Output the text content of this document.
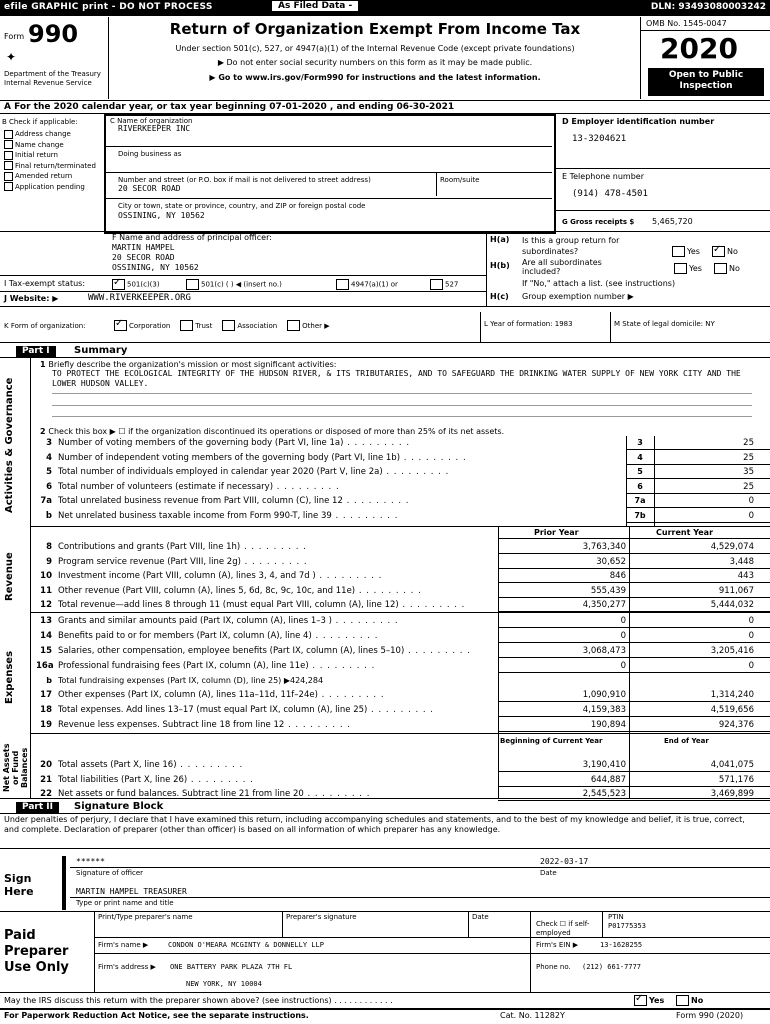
efile GRAPHIC print - DO NOT PROCESS	As Filed Data -	DLN: 93493080003242
Form 990
✦
Department of the Treasury Internal Revenue Service
Return of Organization Exempt From Income Tax
Under section 501(c), 527, or 4947(a)(1) of the Internal Revenue Code (except private foundations)
▶ Do not enter social security numbers on this form as it may be made public.
▶ Go to www.irs.gov/Form990 for instructions and the latest information.
OMB No. 1545-0047
2020
Open to Public Inspection
A For the 2020 calendar year, or tax year beginning 07-01-2020 , and ending 06-30-2021
B Check if applicable:
Address change
Name change
Initial return
Final return/terminated
Amended return
Application pending
C Name of organization
RIVERKEEPER INC
Doing business as
Number and street (or P.O. box if mail is not delivered to street address)	Room/suite
20 SECOR ROAD
City or town, state or province, country, and ZIP or foreign postal code
OSSINING, NY 10562
D Employer identification number
13-3204621
E Telephone number
(914) 478-4501
G Gross receipts $ 5,465,720
F Name and address of principal officer:
MARTIN HAMPEL
20 SECOR ROAD
OSSINING, NY 10562
H(a) Is this a group return for subordinates?	Yes ✓	No
H(b) Are all subordinates included?	Yes	No
If "No," attach a list. (see instructions)
H(c) Group exemption number ▶
I Tax-exempt status: ✓	501(c)(3)	501(c) ( ) ◀ (insert no.)	4947(a)(1) or	527
J Website: ▶	WWW.RIVERKEEPER.ORG
K Form of organization: ✓	Corporation	Trust	Association	Other ▶	L Year of formation: 1983	M State of legal domicile: NY
Part I	Summary
Activities & Governance
1 Briefly describe the organization's mission or most significant activities:
TO PROTECT THE ECOLOGICAL INTEGRITY OF THE HUDSON RIVER, & ITS TRIBUTARIES, AND TO SAFEGUARD THE DRINKING WATER SUPPLY OF NEW YORK CITY AND THE LOWER HUDSON VALLEY.
2 Check this box ▶ ☐ if the organization discontinued its operations or disposed of more than 25% of its net assets.
3 Number of voting members of the governing body (Part VI, line 1a) . .
4 Number of independent voting members of the governing body (Part VI, line 1b) . .
5 Total number of individuals employed in calendar year 2020 (Part V, line 2a) . .
6 Total number of volunteers (estimate if necessary) . .
7a Total unrelated business revenue from Part VIII, column (C), line 12 . .
b Net unrelated business taxable income from Form 990-T, line 39 . .
Prior Year	Current Year
Revenue
8 Contributions and grants (Part VIII, line 1h) . .	3,763,340	4,529,074
9 Program service revenue (Part VIII, line 2g) . .	30,652	3,448
10 Investment income (Part VIII, column (A), lines 3, 4, and 7d ) . .	846	443
11 Other revenue (Part VIII, column (A), lines 5, 6d, 8c, 9c, 10c, and 11e) . .	555,439	911,067
12 Total revenue—add lines 8 through 11 (must equal Part VIII, column (A), line 12) . .	4,350,277	5,444,032
Expenses
13 Grants and similar amounts paid (Part IX, column (A), lines 1–3 ) . .	0	0
14 Benefits paid to or for members (Part IX, column (A), line 4) . .	0	0
15 Salaries, other compensation, employee benefits (Part IX, column (A), lines 5–10) . .	3,068,473	3,205,416
16a Professional fundraising fees (Part IX, column (A), line 11e) . .	0	0
b Total fundraising expenses (Part IX, column (D), line 25) ▶424,284
17 Other expenses (Part IX, column (A), lines 11a–11d, 11f–24e) . .	1,090,910	1,314,240
18 Total expenses. Add lines 13–17 (must equal Part IX, column (A), line 25) . .	4,159,383	4,519,656
19 Revenue less expenses. Subtract line 18 from line 12 . .	190,894	924,376
Beginning of Current Year	End of Year
Net Assets or Fund Balances	20 Total assets (Part X, line 16) . .	3,190,410	4,041,075
21 Total liabilities (Part X, line 26) . .	644,887	571,176
22 Net assets or fund balances. Subtract line 21 from line 20 . .	2,545,523	3,469,899
Part II	Signature Block
Under penalties of perjury, I declare that I have examined this return, including accompanying schedules and statements, and to the best of my knowledge and belief, it is true, correct, and complete. Declaration of preparer (other than officer) is based on all information of which preparer has any knowledge.
Sign Here
******	2022-03-17
Signature of officer	Date
MARTIN HAMPEL TREASURER
Type or print name and title
Paid Preparer Use Only
Print/Type preparer's name	Preparer's signature	Date
Check ☐ if self-employed
PTIN
P01775353
Firm's name ▶	CONDON O'MEARA MCGINTY & DONNELLY LLP	Firm's EIN ▶	13-1628255
Firm's address ▶ ONE BATTERY PARK PLAZA 7TH FL
NEW YORK, NY 10004
Phone no. (212) 661-7777
May the IRS discuss this return with the preparer shown above? (see instructions) . . . . . . . . . . . . ✓	Yes	No
For Paperwork Reduction Act Notice, see the separate instructions.	Cat. No. 11282Y	Form 990 (2020)
3	25
4	25
5	35
6	25
7a	0
7b	0
